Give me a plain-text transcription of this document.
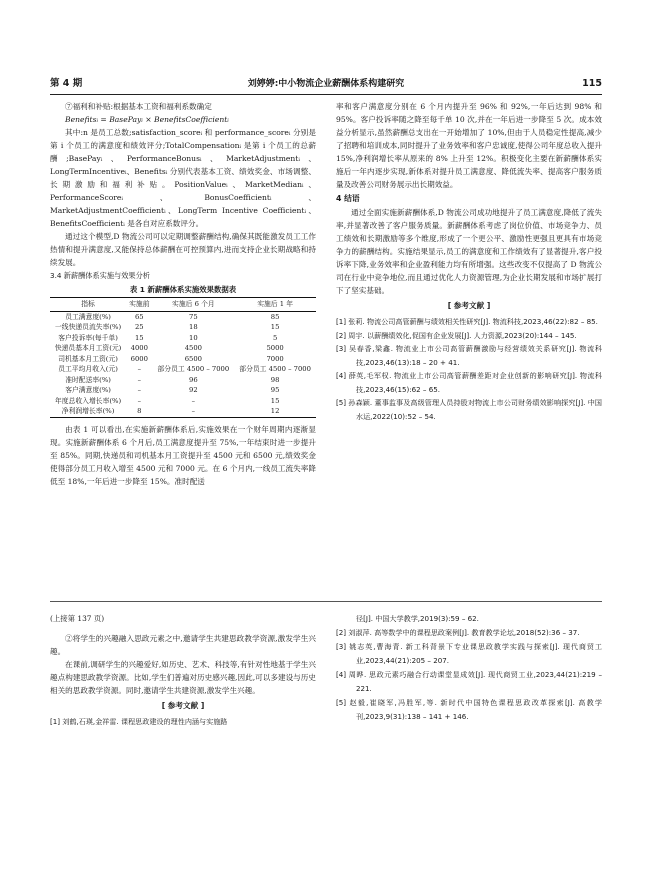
第 4 期	刘婷婷:中小物流企业薪酬体系构建研究	115

⑦福利和补贴:根据基本工资和福利系数确定

Benefitsᵢ = BasePayᵢ × BenefitsCoefficientᵢ

其中:n 是员工总数;satisfaction_scoreᵢ 和 performance_scoreᵢ 分别是第 i 个员工的满意度和绩效评分;TotalCompensationᵢ 是第 i 个员工的总薪酬;BasePayᵢ、PerformanceBonusᵢ、MarketAdjustmentᵢ、LongTermIncentiveᵢ、Benefitsᵢ 分别代表基本工资、绩效奖金、市场调整、长期激励和福利补贴。PositionValueᵢ、MarketMedianᵢ、PerformanceScoreᵢ、BonusCoefficientᵢ、MarketAdjustmentCoefficientᵢ、LongTerm Incentive Coefficientᵢ、BenefitsCoefficientᵢ 是各自对应系数评分。

通过这个模型,D 物流公司可以定期调整薪酬结构,确保其既能激发员工工作热情和提升满意度,又能保持总体薪酬在可控预算内,进而支持企业长期战略和持续发展。

3.4 新薪酬体系实施与效果分析

表 1 新薪酬体系实施效果数据表

指标	实施前	实施后 6 个月	实施后 1 年
员工满意度(%)	65	75	85
一线快递员流失率(%)	25	18	15
客户投诉率(每千单)	15	10	5
快递员基本月工资(元)	4000	4500	5000
司机基本月工资(元)	6000	6500	7000
员工平均月收入(元)	–	部分员工 4500 – 7000	部分员工 4500 – 7000
准时配送率(%)	–	96	98
客户满意度(%)	–	92	95
年度总收入增长率(%)	–	–	15
净利润增长率(%)	8	–	12

由表 1 可以看出,在实施新薪酬体系后,实施效果在一个财年周期内逐渐显现。实施新薪酬体系 6 个月后,员工满意度提升至 75%,一年结束时进一步提升至 85%。同期,快递员和司机基本月工资提升至 4500 元和 6500 元,绩效奖金使得部分员工月收入增至 4500 元和 7000 元。在 6 个月内,一线员工流失率降低至 18%,一年后进一步降至 15%。准时配送

率和客户满意度分别在 6 个月内提升至 96% 和 92%,一年后达到 98% 和 95%。客户投诉率随之降至每千单 10 次,并在一年后进一步降至 5 次。成本效益分析显示,虽然薪酬总支出在一开始增加了 10%,但由于人员稳定性提高,减少了招聘和培训成本,同时提升了业务效率和客户忠诚度,使得公司年度总收入提升 15%,净利润增长率从原来的 8% 上升至 12%。积极变化主要在新薪酬体系实施后一年内逐步实现,新体系对提升员工满意度、降低流失率、提高客户服务质量及改善公司财务展示出长期效益。

4 结语

通过全面实施新薪酬体系,D 物流公司成功地提升了员工满意度,降低了流失率,并显著改善了客户服务质量。新薪酬体系考虑了岗位价值、市场竞争力、员工绩效和长期激励等多个维度,形成了一个更公平、激励性更强且更具有市场竞争力的薪酬结构。实施结果显示,员工的满意度和工作绩效有了显著提升,客户投诉率下降,业务效率和企业盈利能力均有所增强。这些改变不仅提高了 D 物流公司在行业中竞争地位,而且通过优化人力资源管理,为企业长期发展和市场扩展打下了坚实基础。

[ 参考文献 ]

[1] 张莉. 物流公司高管薪酬与绩效相关性研究[J]. 物流科技,2023,46(22):82 – 85.

[2] 周宇. 以薪酬绩效化,促国有企业发展[J]. 人力资源,2023(20):144 – 145.

[3] 吴春香,梁鑫. 物流业上市公司高管薪酬激励与经营绩效关系研究[J]. 物流科技,2023,46(13):18 – 20 + 41.

[4] 薛英,毛军权. 物流业上市公司高管薪酬差距对企业创新的影响研究[J]. 物流科技,2023,46(15):62 – 65.

[5] 孙森颖. 董事监事及高级管理人员持股对物流上市公司财务绩效影响探究[J]. 中国水运,2022(10):52 – 54.

(上接第 137 页)

②将学生的兴趣融入思政元素之中,邀请学生共建思政教学资源,激发学生兴趣。

在课前,调研学生的兴趣爱好,如历史、艺术、科技等,有针对性地基于学生兴趣点构建思政教学资源。比如,学生们普遍对历史感兴趣,因此,可以多建设与历史相关的思政教学资源。同时,邀请学生共建资源,激发学生兴趣。

[ 参考文献 ]

[1] 刘鹤,石瑛,金祥雷. 课程思政建设的理性内涵与实施路

径[J]. 中国大学教学,2019(3):59 – 62.

[2] 刘淑萍. 高等数学中的课程思政案例[J]. 教育教学论坛,2018(52):36 – 37.

[3] 姚志英,曹海青. 新工科背景下专业课思政教学实践与探索[J]. 现代商贸工业,2023,44(21):205 – 207.

[4] 周晔. 思政元素巧融合行动课堂显成效[J]. 现代商贸工业,2023,44(21):219 – 221.

[5] 赵毅,崔晓军,冯胜军,等. 新时代中国特色课程思政改革探索[J]. 高教学刊,2023,9(31):138 – 141 + 146.
